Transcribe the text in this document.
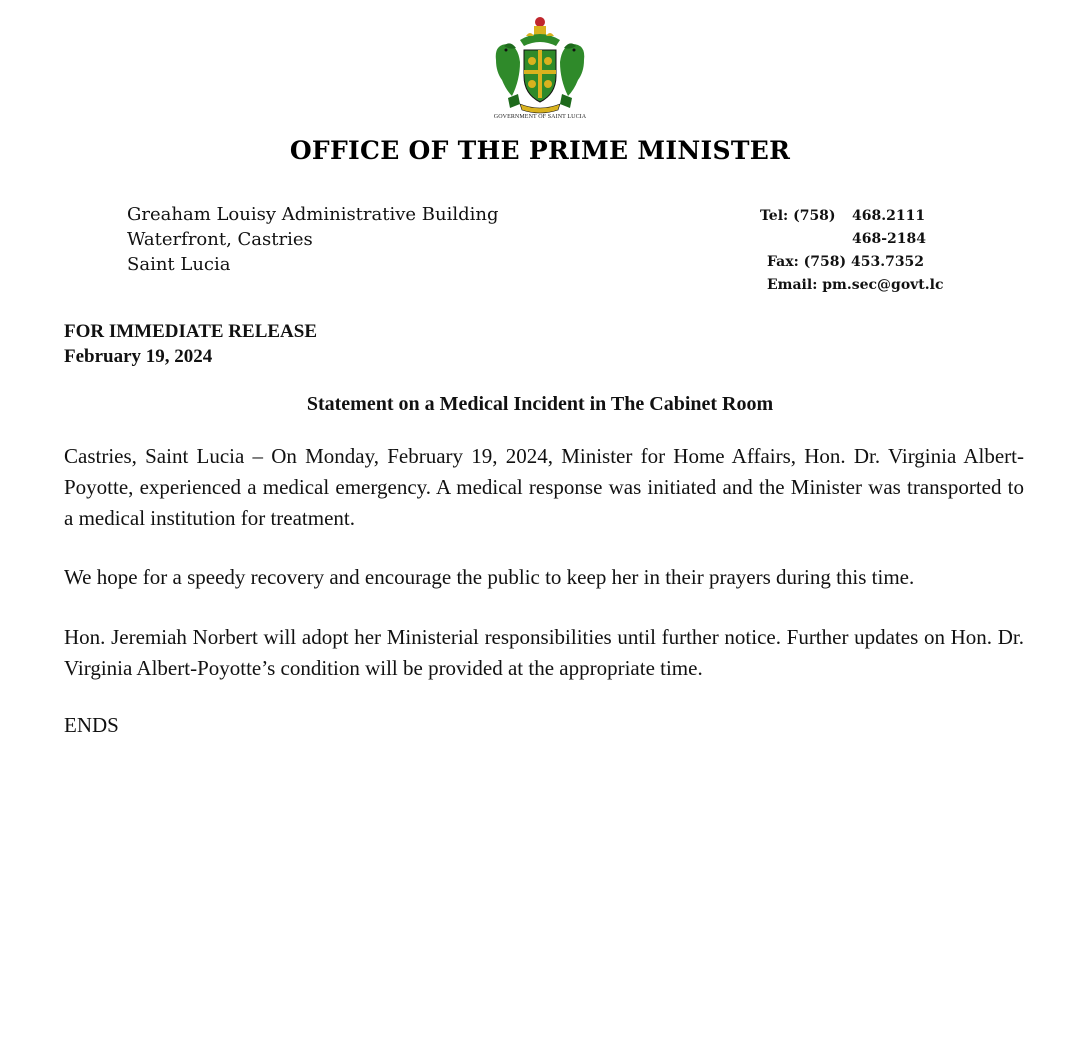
GOVERNMENT OF SAINT LUCIA
OFFICE OF THE PRIME MINISTER
Greaham Louisy Administrative Building
Waterfront, Castries
Saint Lucia
Tel: (758) 468.2111
468-2184
Fax: (758) 453.7352
Email: pm.sec@govt.lc
FOR IMMEDIATE RELEASE
February 19, 2024
Statement on a Medical Incident in The Cabinet Room
Castries, Saint Lucia – On Monday, February 19, 2024, Minister for Home Affairs, Hon. Dr. Virginia Albert-Poyotte, experienced a medical emergency. A medical response was initiated and the Minister was transported to a medical institution for treatment.
We hope for a speedy recovery and encourage the public to keep her in their prayers during this time.
Hon. Jeremiah Norbert will adopt her Ministerial responsibilities until further notice. Further updates on Hon. Dr. Virginia Albert-Poyotte’s condition will be provided at the appropriate time.
ENDS
